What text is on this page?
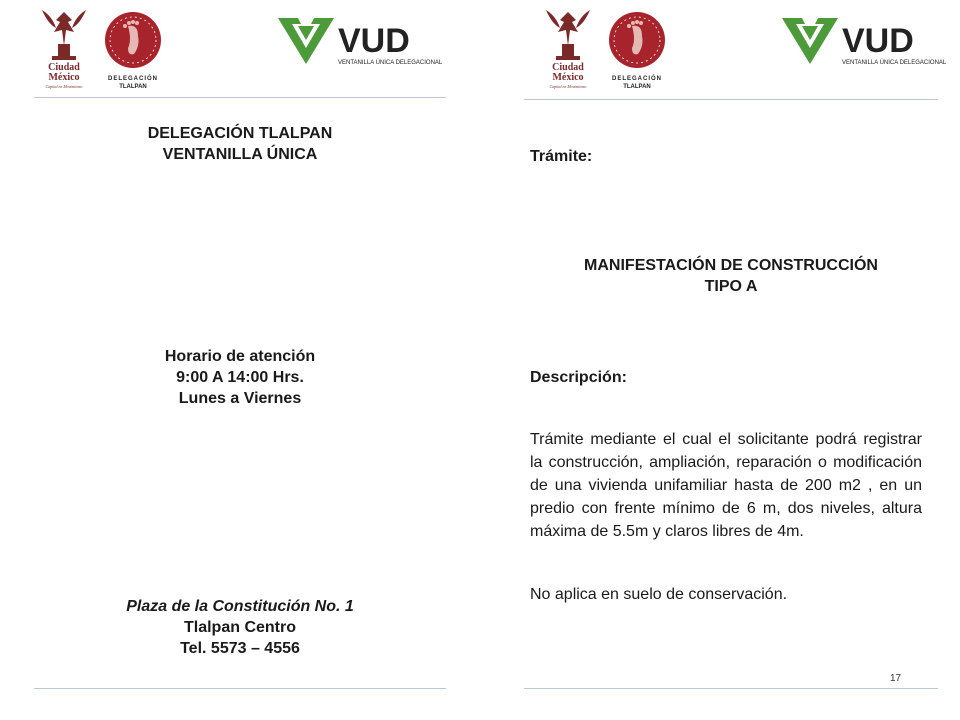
Ciudad
México
Capital en Movimiento
DELEGACIÓN
TLALPAN
VUD
VENTANILLA ÚNICA DELEGACIONAL
DELEGACIÓN TLALPAN
VENTANILLA ÚNICA
Horario de atención
9:00 A 14:00 Hrs.
Lunes a Viernes
Plaza de la Constitución No. 1
Tlalpan Centro
Tel. 5573 – 4556
Ciudad
México
Capital en Movimiento
DELEGACIÓN
TLALPAN
VUD
VENTANILLA ÚNICA DELEGACIONAL
Trámite:
MANIFESTACIÓN DE CONSTRUCCIÓN
TIPO A
Descripción:
Trámite mediante el cual el solicitante podrá registrar la construcción, ampliación, reparación o modificación de una vivienda unifamiliar hasta de 200 m2 , en un predio con frente mínimo de 6 m, dos niveles, altura máxima de 5.5m y claros libres de 4m.
No aplica en suelo de conservación.
17
